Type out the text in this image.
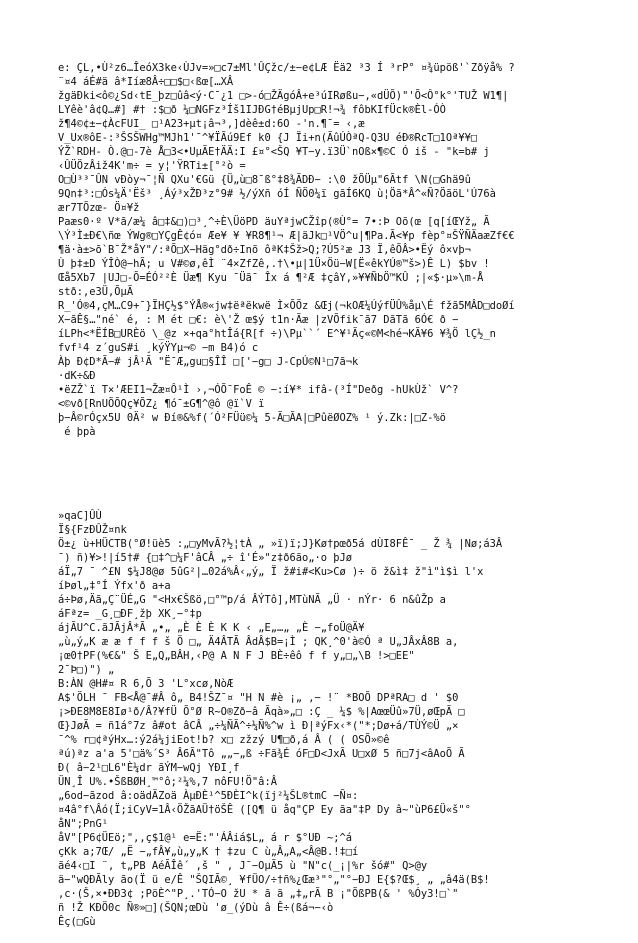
e: ÇL,•Ù²z6…ÎeóX3ke‹ÙJv=»□c7±Ml'ÛÇžc/±−e¢LÆ Ëä2 ³3 Í ³rP° ¤¾üpöß'`Zðÿå% ?
¨¤4 áÉ#ä â*Iíæ8Â÷□□$□‹ßœ[…XÂ
žgäÐki<ô©¿Sd‹tE_þz□ûâ<ý·C¯¿1 □>-ó□ŽÄgóÂ+e³úIRøßu−,«dÜÕ)"'Õ<Ô°k°'TUŽ W1¶|
LYêè'â¢Q…#] #† :$□ð ¼□NGFz³Íš1IJÐG†éBµjUp□R!¬¾ fôbKIfÜck®Èl-ÓÒ
ž¶4©¢±−¢ÀcFUI_ □¹A23+µt¡â¬³,]dèê±d:6O -'n.¶¯= ‹,æ
V_Ux®ôE-:³ŠSŠWHg™MJh1'¯^¥ÏÃú9Ef k0 {J Ïi+n(ÃûÚÒªQ-Q3U éÐ®RcT□1Oª¥¥□
ÝŽ`RDH- Ò.@□-7è Å□3<•UµÃE†ÄÄ:I £¤°<ŠQ ¥T−y.ï3Ü`nOß×¶©C Ó iš - "k=b# j
‹ÛÜÖzÂiž4K'm÷ = y¦'ŸRTi±[°²ò =
O□Ù³³¯ÛN vÐòy¬¯¦Ñ QXu'€Gü {Ü„ù□8¯ß°‡8¾ÃDÐ− :\0 žÕÜµ"6Ãtf \N(□Ghä9û
9Qn‡³:□Ós¼Ä'Ëš³ ¸Áý³xŽÐ³z°9# ½/ýXñ óÍ ÑÖ0¼ï gãÍ6KQ ù¦Öã*Â^«Ñ?ÖãöL'Ú76à
ær7TÕzœ- Ö¤¥ž
Paæs0·º V*ã/æ¼ â□‡&□)□³¸^÷È\ÜöPD äuYªjwCŽîp(®Ù°= 7•:Þ Oõ(œ [q[íŒYž„ Ã
\Ý³Ì±Ð€\ñœ ÝWg®□YÇgÊ¢ó¤ Æe¥ ¥ ¥R8¶¹¬ Æ|äJk□¹VÖ^u|¶Pa.Ã<¥p fèp°¤ŠŸÑÄaæZf€€
¶ä·à±>õ`B¯Ž*åY"/:ªÕ□X−Häg°dð÷Inõ ôªK‡Šž>Q;?Ú5²æ J3 Ï,êÕÂ>•Ëý ô×vþ¬
Ù þ‡±D ÝÎÒ@−hÃ; u V#©ø,êÌ ¨4×ZfZê,.†\•µ|1Ü×Öü−W[Ë«êkYÚ®™š>)Ê L) $bv !
Œå5Xb7 |UJ□-Õ=ÉÓ²²È Üæ¶ Kyu ¯Üã¯ Îx á ¶²Æ ‡çâY,»¥¥ÑbÖ™KÛ ;|«$·µ»\m-Å
stð:,e3Ü,ÕµÃ
R_'Ó®4,çM…C9+¯}ÏHÇ½$°ÝÅ®«jw‡ëªëkwë Ì×ÕÕz &Œj(¬kOÆ¼ÚýfÜÛ%åµ\É fžã5MÂD□doØí
X−ãÊ§…"né` é, : M ét □€: è\'Ž œ$ý t1n·Ãæ |zVÕfik¯ã7 DãTã 6Ó€ ð −
íLPh<*ËÍB□URÈö \_@z ×+qa°htÎá{R[f ÷)\Pµ``´ E^¥¹Ãç«©M<hé¬KÃ¥6 ¥¾Ö lÇ½_n
fvf¹4 z´guS#i ¸kýŸYµ¬© −m B4)ó c
Àþ Ð¢D*Ã−# jÂ¹Ã "Ë¯Æ„gu□§ÎÎ □['−g□ J-CpÚ©N¹□7ã¬k
·dK÷&Ð
•ëZŽ`ï T×'ÆEI1¬Žæ¤Ô¹Ì ›,¬ÓÕ¯FoÊ © −:í¥* ifâ-(³Í"Deðg -hUkÙž` V^?
<©vð[RnUÕÕQç¥ÕZ¿ ¶ó¯±G¶^@ô @ï`V ï
þ−Â©rÓçx5U 0Ä² w Ðí®&%f(´Ó²FÜü©¼ 5-Ã□ÃA|□PûëØOZ% ¹ ý.Zk:|□Z-%ö
é þpà

»qaC]ÛÙ
Ï§{FzÐÛŽ¤nk
Ö±¿ ù+HÜCTB(°Ø!üè5 :„□yMvÃ?½¦tÀ „ »ï)ï;J}Kø†pœð5á dÙI8FÊ¯ _ Ž ¾ |Nø;á3Â
¯) ñ)¥>!|í5†# {□‡^□¼F'âCÂ „÷ î'É»"z‡ð6ão„·o þJø
áÏ„7 ¯ ^£N $¼J8@ø 5ûG²|…02á%Â‹„ý„ Ï ž#i#<Ku>Cø )÷ ö ž&ì‡ ž"ì"ì$ì l'x
íÞøl„‡°Í Ýfx'ð a+a
á÷Þø,Äã„Ç¨ÜÉ„G "<Hx€Šßö,□°™p/á ÂÝTô],MTùNÃ „Ü · nÝr· 6 n&ûŽp a
áFªz= _G¸□ÐF¸žþ XK¸−°‡p
ájÃU^C.ãJÃjÂ*Ã „•„ „È È È K K ‹ „E„…„ „È −„foÜ@Ä¥
„ù„ý„K æ æ f f f š Ö □„ Ä4ÂTÃ ÂdÂ$B=¡Ì ; QK¸^0'à©Ó ª U„JÂxÂ8B a,
¡œ0†PF(%€&" Š E„Q„BÂH,‹P@ A N F J BÈ÷êô f f y„□„\B !>□EE"
2¯Þ□)") „
B:ÀN @H#¤ R 6,Õ 3 'L°xcø,NòÆ
A$'ÖLH ¯ FB<Å@¯#Â ô„ B4!ŠZ¯¤ "H N #è ¡„ ,− !¨ *BOÕ DPªRA□ d ' $0
¡>ÐE8M8E8Iø¹ð/Â?¥fÜ Õ°Ø R~O®Zð−â Ãqà»„□ :Ç _ ¼$ %|AœœÜû»7Ü,øŒpÃ □
Œ}JøÃ = ñ1á°7z â#ot âCÂ „÷¼ÑÃ^÷¼Ñ%^w ì Ð|ªýFx‹*("*;Dø+á/TÙÝ©Ü „×
¯^% r□¢ªýHx…:ý2á¼jiEot!b? x□ zžzý U¶□ð,á Â ( ( OSÕ»©ê
ªú)ªz a'a 5'□ä%´S³ Â6Ã"Tô „„−„ß ÷Fã¾É óF□D<JxÃ U□xØ 5 ñ□7j<âAoÕ Ã
Ð( â−2¹□L6"È¼dr ãÝM−wQj YÐI¸f
ÜN¸Î U%.•ŠßBØH¸™°ô;²¼%,7 nôFU!Ö"â:Â
„6od−ãzod â:oädÄZoä ÀµÐÈ¹^5ÐÈI^k(ïj²¼ŠL®tmC −Ñ¤:
¤4â°f\Âó(Ï;iCyV=1Â‹ÖŽãAÜ†öŠÊ ([Q¶ ü åq"ÇP Ey ãa"‡P Dy â~"ùP6£Ü«š"°
åN";PnG¹
åV"[P6¢ÜEö;",,ç$1@¹ e=Ë:"'ÁÂiá$L„ á r $°UÐ ~;^á
çKk a;7Œ/ „Ë −„fÂ¥„ù„y„K † ‡zu C ù„Â„A„<Â@B.!‡□í
ãé4‹□I ¨, t„PB AéÃÎê´ ,š " , J¯−OµÃ5 ù "N"c(_¡|%r šó#" Q>@y
ä−"wQÐÃly ão(Ï ü e/Ê "ŠQIÃ©¸ ¥fÜO/÷†ñ%¿Œæ³"°„"°−ÐJ E{$?Œ$¸ „ „â4ä(B$!
,c·(Š,×•ÐÐ3¢ ;PöÈ^"P¸.'TÓ−O žU * ã ã „‡„rÃ B ¡"ÕßPB(& ' %Óy3!□`"
ñ !Ž KÐÖ0c Ñ®»□](ŠQN;œDù 'ø_(ýDù â Ê÷(ßá¬−‹ò
Êç(□Gù
